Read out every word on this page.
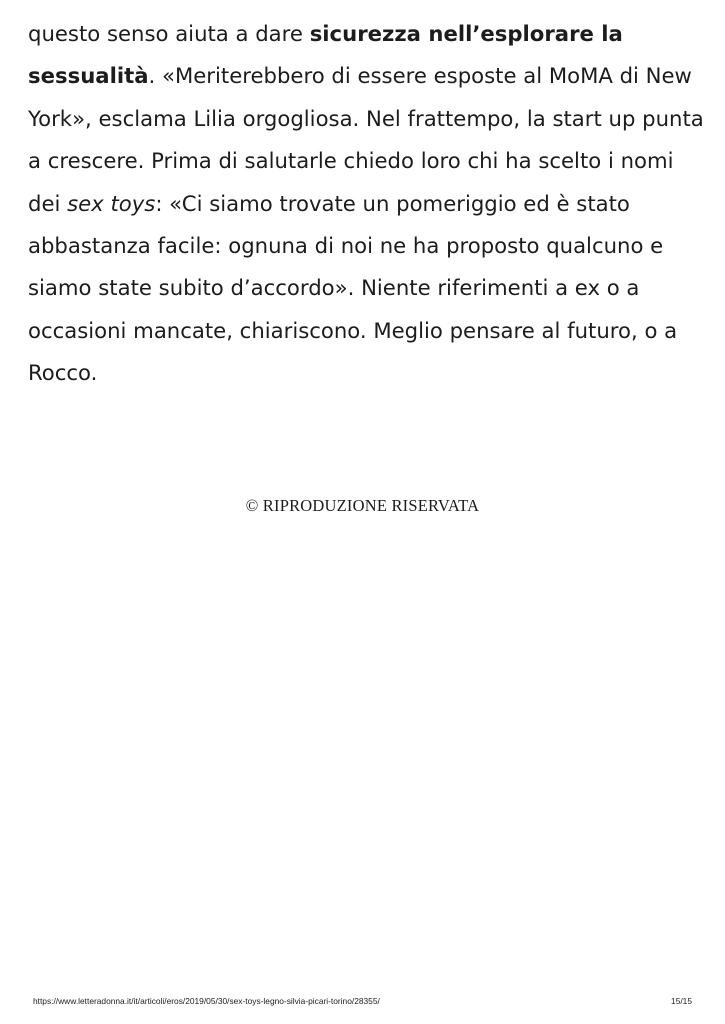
questo senso aiuta a dare sicurezza nell’esplorare la sessualità. «Meriterebbero di essere esposte al MoMA di New York», esclama Lilia orgogliosa. Nel frattempo, la start up punta a crescere. Prima di salutarle chiedo loro chi ha scelto i nomi dei sex toys: «Ci siamo trovate un pomeriggio ed è stato abbastanza facile: ognuna di noi ne ha proposto qualcuno e siamo state subito d’accordo». Niente riferimenti a ex o a occasioni mancate, chiariscono. Meglio pensare al futuro, o a Rocco.

© RIPRODUZIONE RISERVATA
https://www.letteradonna.it/it/articoli/eros/2019/05/30/sex-toys-legno-silvia-picari-torino/28355/	15/15
